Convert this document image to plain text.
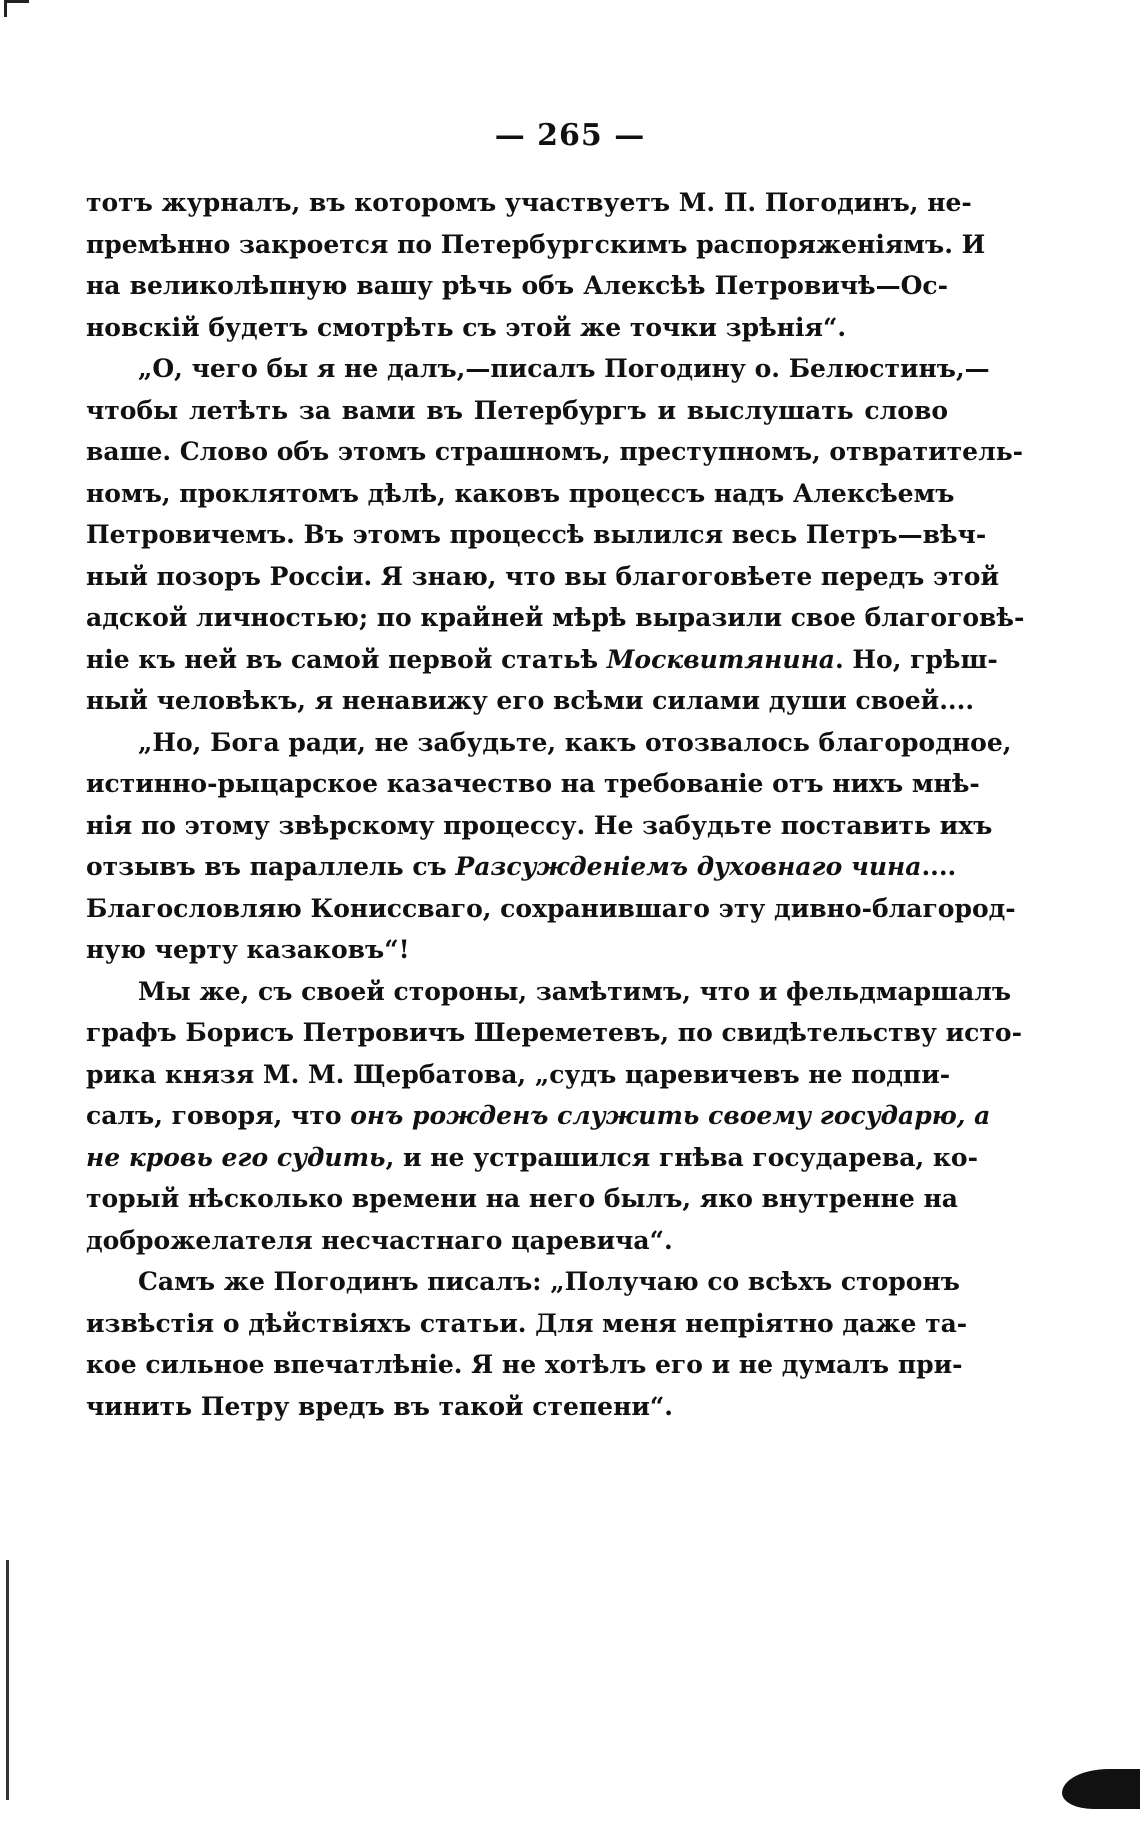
— 265 —
тотъ журналъ, въ которомъ участвуетъ М. П. Погодинъ, не-
премѣнно закроется по Петербургскимъ распоряженіямъ. И
на великолѣпную вашу рѣчь объ Алексѣѣ Петровичѣ—Ос-
новскій будетъ смотрѣть съ этой же точки зрѣнія“.
„О, чего бы я не далъ,—писалъ Погодину о. Белюстинъ,—
чтобы летѣть за вами въ Петербургъ и выслушать слово
ваше. Слово объ этомъ страшномъ, преступномъ, отвратитель-
номъ, проклятомъ дѣлѣ, каковъ процессъ надъ Алексѣемъ
Петровичемъ. Въ этомъ процессѣ вылился весь Петръ—вѣч-
ный позоръ Россіи. Я знаю, что вы благоговѣете передъ этой
адской личностью; по крайней мѣрѣ выразили свое благоговѣ-
ніе къ ней въ самой первой статьѣ Москвитянина. Но, грѣш-
ный человѣкъ, я ненавижу его всѣми силами души своей....
„Но, Бога ради, не забудьте, какъ отозвалось благородное,
истинно-рыцарское казачество на требованіе отъ нихъ мнѣ-
нія по этому звѣрскому процессу. Не забудьте поставить ихъ
отзывъ въ параллель съ Разсужденіемъ духовнаго чина....
Благословляю Кониссваго, сохранившаго эту дивно-благород-
ную черту казаковъ“!
Мы же, съ своей стороны, замѣтимъ, что и фельдмаршалъ
графъ Борисъ Петровичъ Шереметевъ, по свидѣтельству исто-
рика князя М. М. Щербатова, „судъ царевичевъ не подпи-
салъ, говоря, что онъ рожденъ служить своему государю, а
не кровь его судить, и не устрашился гнѣва государева, ко-
торый нѣсколько времени на него былъ, яко внутренне на
доброжелателя несчастнаго царевича“.
Самъ же Погодинъ писалъ: „Получаю со всѣхъ сторонъ
извѣстія о дѣйствіяхъ статьи. Для меня непріятно даже та-
кое сильное впечатлѣніе. Я не хотѣлъ его и не думалъ при-
чинить Петру вредъ въ такой степени“.
